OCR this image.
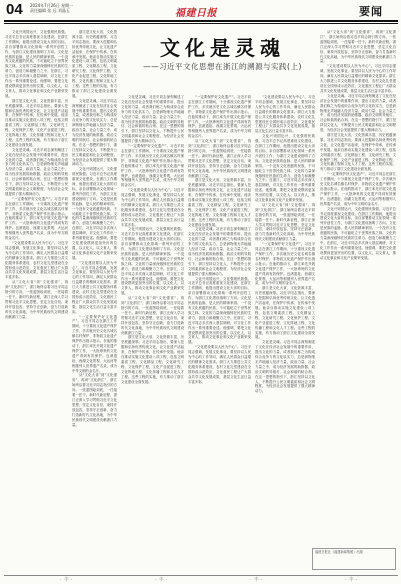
04 2024年7月26日 星期一
责任编辑 张 远 刘晶玉	福建日报	要闻

文化兴则国运兴，文化强则民族强。习近平总书记高度重视文化建设，在浙江工作期间，他提出建设文化大省的目标，亲自部署推动文化领域一系列开创性工作，为浙江文化建设指明了方向。文化是民族的血脉，是人民的精神家园。一个没有文化底蕴的民族，不可能屹立于世界民族之林。文化的力量深深熔铸在民族的生命力、创造力和凝聚力之中。在浙江，习近平同志多次深入基层调研，对文化工作作出一系列重要论述。他强调，要把文化建设摆到更加突出的位置，以文化人、以文育人，推动文化事业和文化产业繁荣发展。

浙江是文化大省，文化资源丰富，历史底蕴深厚。习近平同志指出，要深入挖掘和弘扬优秀传统文化，让文化遗产活起来，在保护中传承，在传承中发展。他亲自推动实施文化建设八项工程，包括文明素质工程、文化精品工程、文化研究工程、文化保护工程、文化产业促进工程、文化阵地工程、文化传播工程和文化人才工程。这些工程的实施，有力推动了浙江文化建设全面发展。

文化是灵魂。习近平同志深刻阐述了文化在经济社会发展中的重要作用，提出文化的力量，或者我们称之为构成综合竞争力的文化软实力，总是润物细无声地融入经济力量、政治力量、社会力量之中，成为经济发展的助推器、政治文明的导航灯、社会和谐的粘合剂。在这一思想的指引下，浙江坚持以文化人，不断提升公民文明素质和社会文明程度，为经济社会发展提供了强大精神动力。

“一定要保护好文化遗产”。习近平同志在浙江工作期间，十分重视文化遗产保护工作，多次就历史文化名城名镇名村保护、非物质文化遗产保护作出指示批示。在他的推动下，浙江率先开展文化遗产保护工作，一大批珍贵的文化遗产得到有效保护。良渚遗址、西湖文化景观、大运河等相继列入世界遗产名录，成为中华文明的金名片。

“文化建设要以人民为中心”。习近平同志强调，发展文化事业，要坚持以人民为中心的工作导向，满足人民群众日益增长的精神文化需求。浙江大力推进公共文化服务体系建设，农村文化礼堂建设在全国形成示范效应，文化惠民工程让广大群众共享文化发展成果，基层文化生活日益丰富多彩。

从“文化大省”到“文化强省”，再到“文化浙江”，浙江始终沿着习近平同志指引的方向，一张蓝图绘到底，一任接着一任干。新时代新征程，浙江正深入学习贯彻习近平文化思想，坚定文化自信，秉持开放包容，坚持守正创新，奋力打造新时代文化高地，为中华民族现代文明建设贡献浙江力量。

浙江是文化大省，文化资源丰富，历史底蕴深厚。习近平同志指出，要深入挖掘和弘扬优秀传统文化，让文化遗产活起来，在保护中传承，在传承中发展。他亲自推动实施文化建设八项工程，包括文明素质工程、文化精品工程、文化研究工程、文化保护工程、文化产业促进工程、文化阵地工程、文化传播工程和文化人才工程。这些工程的实施，有力推动了浙江文化建设全面发展。

文化是灵魂。习近平同志深刻阐述了文化在经济社会发展中的重要作用，提出文化的力量，或者我们称之为构成综合竞争力的文化软实力，总是润物细无声地融入经济力量、政治力量、社会力量之中，成为经济发展的助推器、政治文明的导航灯、社会和谐的粘合剂。在这一思想的指引下，浙江坚持以文化人，不断提升公民文明素质和社会文明程度，为经济社会发展提供了强大精神动力。

文化兴则国运兴，文化强则民族强。习近平总书记高度重视文化建设，在浙江工作期间，他提出建设文化大省的目标，亲自部署推动文化领域一系列开创性工作，为浙江文化建设指明了方向。文化是民族的血脉，是人民的精神家园。一个没有文化底蕴的民族，不可能屹立于世界民族之林。文化的力量深深熔铸在民族的生命力、创造力和凝聚力之中。在浙江，习近平同志多次深入基层调研，对文化工作作出一系列重要论述。他强调，要把文化建设摆到更加突出的位置，以文化人、以文育人，推动文化事业和文化产业繁荣发展。

“文化建设要以人民为中心”。习近平同志强调，发展文化事业，要坚持以人民为中心的工作导向，满足人民群众日益增长的精神文化需求。浙江大力推进公共文化服务体系建设，农村文化礼堂建设在全国形成示范效应，文化惠民工程让广大群众共享文化发展成果，基层文化生活日益丰富多彩。

“一定要保护好文化遗产”。习近平同志在浙江工作期间，十分重视文化遗产保护工作，多次就历史文化名城名镇名村保护、非物质文化遗产保护作出指示批示。在他的推动下，浙江率先开展文化遗产保护工作，一大批珍贵的文化遗产得到有效保护。良渚遗址、西湖文化景观、大运河等相继列入世界遗产名录，成为中华文明的金名片。

从“文化大省”到“文化强省”，再到“文化浙江”，浙江始终沿着习近平同志指引的方向，一张蓝图绘到底，一任接着一任干。新时代新征程，浙江正深入学习贯彻习近平文化思想，坚定文化自信，秉持开放包容，坚持守正创新，奋力打造新时代文化高地，为中华民族现代文明建设贡献浙江力量。

文化是灵魂
——习近平文化思想在浙江的溯源与实践(上)

文化是灵魂。习近平同志深刻阐述了文化在经济社会发展中的重要作用，提出文化的力量，或者我们称之为构成综合竞争力的文化软实力，总是润物细无声地融入经济力量、政治力量、社会力量之中，成为经济发展的助推器、政治文明的导航灯、社会和谐的粘合剂。在这一思想的指引下，浙江坚持以文化人，不断提升公民文明素质和社会文明程度，为经济社会发展提供了强大精神动力。

“一定要保护好文化遗产”。习近平同志在浙江工作期间，十分重视文化遗产保护工作，多次就历史文化名城名镇名村保护、非物质文化遗产保护作出指示批示。在他的推动下，浙江率先开展文化遗产保护工作，一大批珍贵的文化遗产得到有效保护。良渚遗址、西湖文化景观、大运河等相继列入世界遗产名录，成为中华文明的金名片。

“文化建设要以人民为中心”。习近平同志强调，发展文化事业，要坚持以人民为中心的工作导向，满足人民群众日益增长的精神文化需求。浙江大力推进公共文化服务体系建设，农村文化礼堂建设在全国形成示范效应，文化惠民工程让广大群众共享文化发展成果，基层文化生活日益丰富多彩。

文化兴则国运兴，文化强则民族强。习近平总书记高度重视文化建设，在浙江工作期间，他提出建设文化大省的目标，亲自部署推动文化领域一系列开创性工作，为浙江文化建设指明了方向。文化是民族的血脉，是人民的精神家园。一个没有文化底蕴的民族，不可能屹立于世界民族之林。文化的力量深深熔铸在民族的生命力、创造力和凝聚力之中。在浙江，习近平同志多次深入基层调研，对文化工作作出一系列重要论述。他强调，要把文化建设摆到更加突出的位置，以文化人、以文育人，推动文化事业和文化产业繁荣发展。

从“文化大省”到“文化强省”，再到“文化浙江”，浙江始终沿着习近平同志指引的方向，一张蓝图绘到底，一任接着一任干。新时代新征程，浙江正深入学习贯彻习近平文化思想，坚定文化自信，秉持开放包容，坚持守正创新，奋力打造新时代文化高地，为中华民族现代文明建设贡献浙江力量。

浙江是文化大省，文化资源丰富，历史底蕴深厚。习近平同志指出，要深入挖掘和弘扬优秀传统文化，让文化遗产活起来，在保护中传承，在传承中发展。他亲自推动实施文化建设八项工程，包括文明素质工程、文化精品工程、文化研究工程、文化保护工程、文化产业促进工程、文化阵地工程、文化传播工程和文化人才工程。这些工程的实施，有力推动了浙江文化建设全面发展。

“一定要保护好文化遗产”。习近平同志在浙江工作期间，十分重视文化遗产保护工作，多次就历史文化名城名镇名村保护、非物质文化遗产保护作出指示批示。在他的推动下，浙江率先开展文化遗产保护工作，一大批珍贵的文化遗产得到有效保护。良渚遗址、西湖文化景观、大运河等相继列入世界遗产名录，成为中华文明的金名片。

从“文化大省”到“文化强省”，再到“文化浙江”，浙江始终沿着习近平同志指引的方向，一张蓝图绘到底，一任接着一任干。新时代新征程，浙江正深入学习贯彻习近平文化思想，坚定文化自信，秉持开放包容，坚持守正创新，奋力打造新时代文化高地，为中华民族现代文明建设贡献浙江力量。

浙江是文化大省，文化资源丰富，历史底蕴深厚。习近平同志指出，要深入挖掘和弘扬优秀传统文化，让文化遗产活起来，在保护中传承，在传承中发展。他亲自推动实施文化建设八项工程，包括文明素质工程、文化精品工程、文化研究工程、文化保护工程、文化产业促进工程、文化阵地工程、文化传播工程和文化人才工程。这些工程的实施，有力推动了浙江文化建设全面发展。

文化是灵魂。习近平同志深刻阐述了文化在经济社会发展中的重要作用，提出文化的力量，或者我们称之为构成综合竞争力的文化软实力，总是润物细无声地融入经济力量、政治力量、社会力量之中，成为经济发展的助推器、政治文明的导航灯、社会和谐的粘合剂。在这一思想的指引下，浙江坚持以文化人，不断提升公民文明素质和社会文明程度，为经济社会发展提供了强大精神动力。

文化兴则国运兴，文化强则民族强。习近平总书记高度重视文化建设，在浙江工作期间，他提出建设文化大省的目标，亲自部署推动文化领域一系列开创性工作，为浙江文化建设指明了方向。文化是民族的血脉，是人民的精神家园。一个没有文化底蕴的民族，不可能屹立于世界民族之林。文化的力量深深熔铸在民族的生命力、创造力和凝聚力之中。在浙江，习近平同志多次深入基层调研，对文化工作作出一系列重要论述。他强调，要把文化建设摆到更加突出的位置，以文化人、以文育人，推动文化事业和文化产业繁荣发展。

“文化建设要以人民为中心”。习近平同志强调，发展文化事业，要坚持以人民为中心的工作导向，满足人民群众日益增长的精神文化需求。浙江大力推进公共文化服务体系建设，农村文化礼堂建设在全国形成示范效应，文化惠民工程让广大群众共享文化发展成果，基层文化生活日益丰富多彩。

“文化建设要以人民为中心”。习近平同志强调，发展文化事业，要坚持以人民为中心的工作导向，满足人民群众日益增长的精神文化需求。浙江大力推进公共文化服务体系建设，农村文化礼堂建设在全国形成示范效应，文化惠民工程让广大群众共享文化发展成果，基层文化生活日益丰富多彩。

文化兴则国运兴，文化强则民族强。习近平总书记高度重视文化建设，在浙江工作期间，他提出建设文化大省的目标，亲自部署推动文化领域一系列开创性工作，为浙江文化建设指明了方向。文化是民族的血脉，是人民的精神家园。一个没有文化底蕴的民族，不可能屹立于世界民族之林。文化的力量深深熔铸在民族的生命力、创造力和凝聚力之中。在浙江，习近平同志多次深入基层调研，对文化工作作出一系列重要论述。他强调，要把文化建设摆到更加突出的位置，以文化人、以文育人，推动文化事业和文化产业繁荣发展。

从“文化大省”到“文化强省”，再到“文化浙江”，浙江始终沿着习近平同志指引的方向，一张蓝图绘到底，一任接着一任干。新时代新征程，浙江正深入学习贯彻习近平文化思想，坚定文化自信，秉持开放包容，坚持守正创新，奋力打造新时代文化高地，为中华民族现代文明建设贡献浙江力量。

“一定要保护好文化遗产”。习近平同志在浙江工作期间，十分重视文化遗产保护工作，多次就历史文化名城名镇名村保护、非物质文化遗产保护作出指示批示。在他的推动下，浙江率先开展文化遗产保护工作，一大批珍贵的文化遗产得到有效保护。良渚遗址、西湖文化景观、大运河等相继列入世界遗产名录，成为中华文明的金名片。

浙江是文化大省，文化资源丰富，历史底蕴深厚。习近平同志指出，要深入挖掘和弘扬优秀传统文化，让文化遗产活起来，在保护中传承，在传承中发展。他亲自推动实施文化建设八项工程，包括文明素质工程、文化精品工程、文化研究工程、文化保护工程、文化产业促进工程、文化阵地工程、文化传播工程和文化人才工程。这些工程的实施，有力推动了浙江文化建设全面发展。

文化是灵魂。习近平同志深刻阐述了文化在经济社会发展中的重要作用，提出文化的力量，或者我们称之为构成综合竞争力的文化软实力，总是润物细无声地融入经济力量、政治力量、社会力量之中，成为经济发展的助推器、政治文明的导航灯、社会和谐的粘合剂。在这一思想的指引下，浙江坚持以文化人，不断提升公民文明素质和社会文明程度，为经济社会发展提供了强大精神动力。

从“文化大省”到“文化强省”，再到“文化浙江”，浙江始终沿着习近平同志指引的方向，一张蓝图绘到底，一任接着一任干。新时代新征程，浙江正深入学习贯彻习近平文化思想，坚定文化自信，秉持开放包容，坚持守正创新，奋力打造新时代文化高地，为中华民族现代文明建设贡献浙江力量。

“文化建设要以人民为中心”。习近平同志强调，发展文化事业，要坚持以人民为中心的工作导向，满足人民群众日益增长的精神文化需求。浙江大力推进公共文化服务体系建设，农村文化礼堂建设在全国形成示范效应，文化惠民工程让广大群众共享文化发展成果，基层文化生活日益丰富多彩。

文化是灵魂。习近平同志深刻阐述了文化在经济社会发展中的重要作用，提出文化的力量，或者我们称之为构成综合竞争力的文化软实力，总是润物细无声地融入经济力量、政治力量、社会力量之中，成为经济发展的助推器、政治文明的导航灯、社会和谐的粘合剂。在这一思想的指引下，浙江坚持以文化人，不断提升公民文明素质和社会文明程度，为经济社会发展提供了强大精神动力。

浙江是文化大省，文化资源丰富，历史底蕴深厚。习近平同志指出，要深入挖掘和弘扬优秀传统文化，让文化遗产活起来，在保护中传承，在传承中发展。他亲自推动实施文化建设八项工程，包括文明素质工程、文化精品工程、文化研究工程、文化保护工程、文化产业促进工程、文化阵地工程、文化传播工程和文化人才工程。这些工程的实施，有力推动了浙江文化建设全面发展。

“一定要保护好文化遗产”。习近平同志在浙江工作期间，十分重视文化遗产保护工作，多次就历史文化名城名镇名村保护、非物质文化遗产保护作出指示批示。在他的推动下，浙江率先开展文化遗产保护工作，一大批珍贵的文化遗产得到有效保护。良渚遗址、西湖文化景观、大运河等相继列入世界遗产名录，成为中华文明的金名片。

文化兴则国运兴，文化强则民族强。习近平总书记高度重视文化建设，在浙江工作期间，他提出建设文化大省的目标，亲自部署推动文化领域一系列开创性工作，为浙江文化建设指明了方向。文化是民族的血脉，是人民的精神家园。一个没有文化底蕴的民族，不可能屹立于世界民族之林。文化的力量深深熔铸在民族的生命力、创造力和凝聚力之中。在浙江，习近平同志多次深入基层调研，对文化工作作出一系列重要论述。他强调，要把文化建设摆到更加突出的位置，以文化人、以文育人，推动文化事业和文化产业繁荣发展。

福建日报社（福建新闻集团）出版
·丰·	·丰·	·丰·	·丰·
